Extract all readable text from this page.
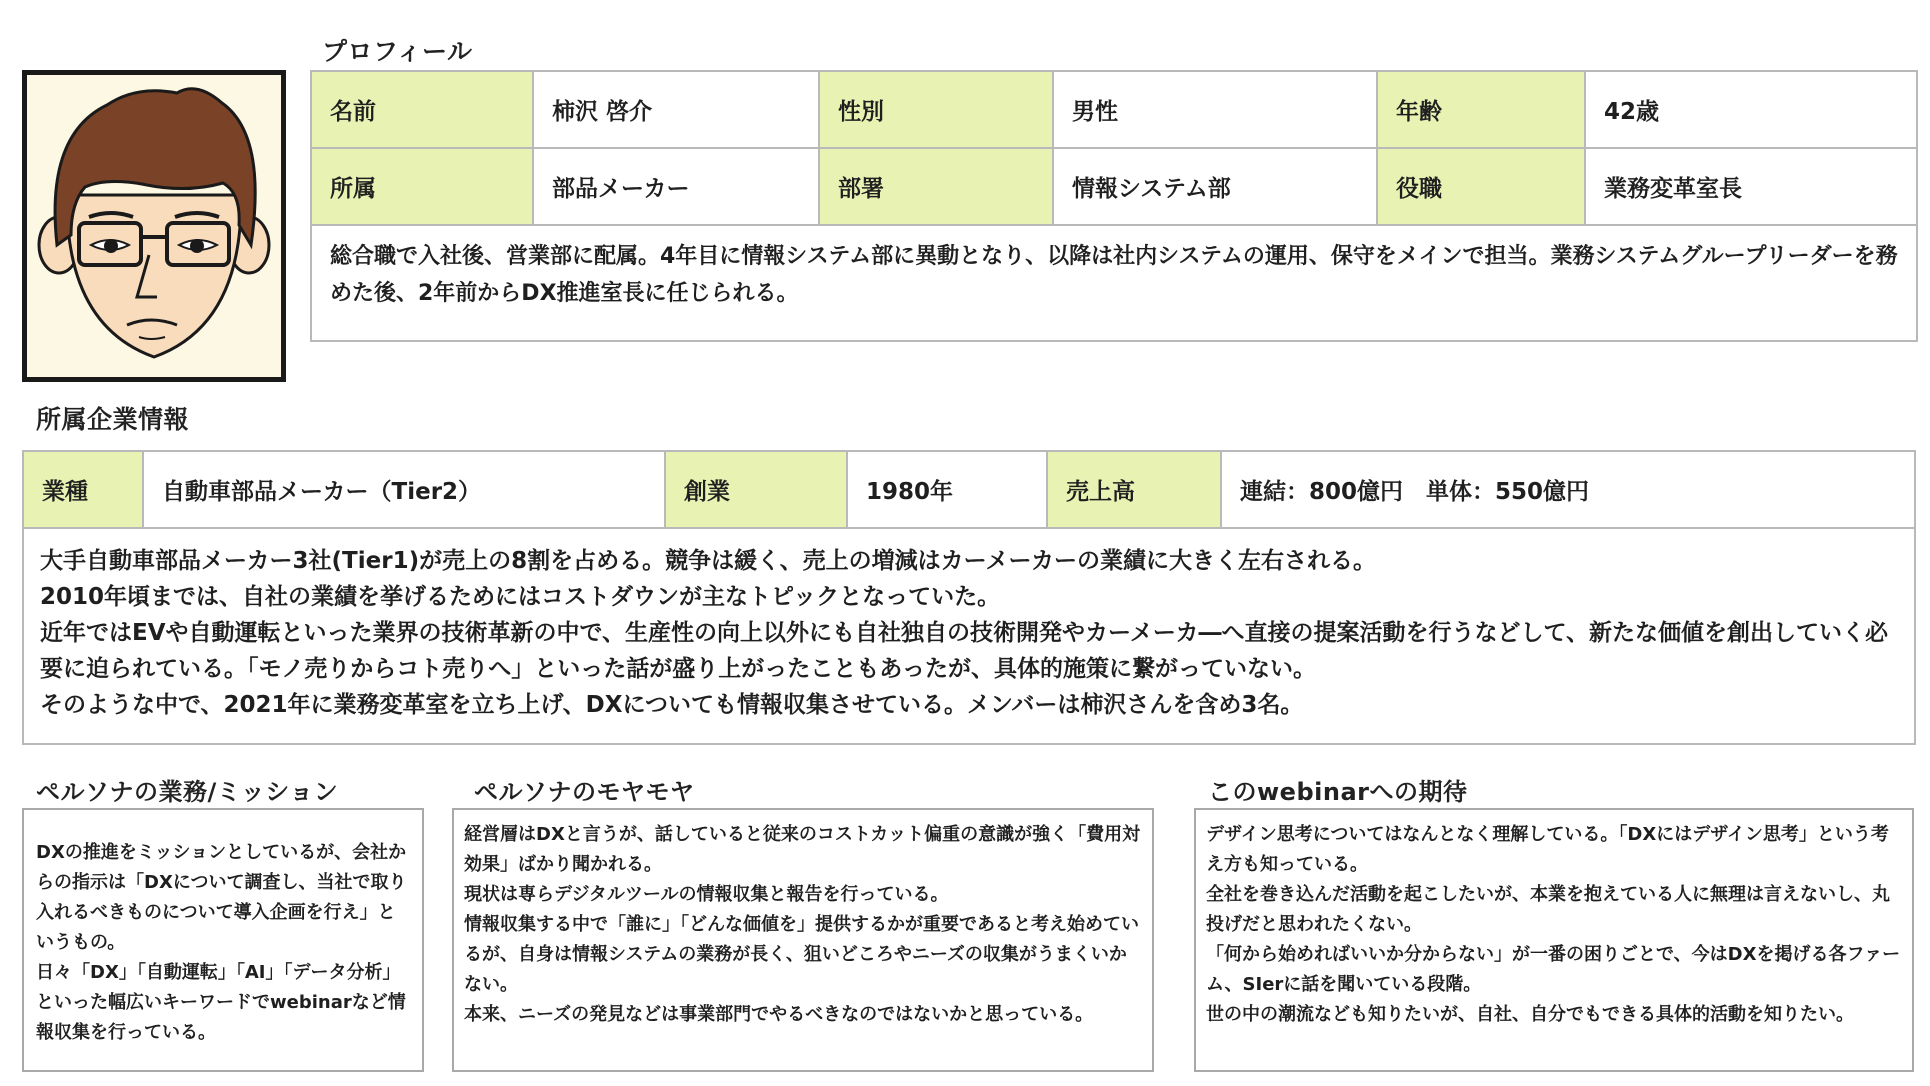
プロフィール
名前	柿沢 啓介	性別	男性	年齢	42歳
所属	部品メーカー	部署	情報システム部	役職	業務変革室長
総合職で入社後、営業部に配属。4年目に情報システム部に異動となり、以降は社内システムの運用、保守をメインで担当。業務システムグループリーダーを務めた後、2年前からDX推進室長に任じられる。					
所属企業情報
業種	自動車部品メーカー（Tier2）	創業	1980年	売上高	連結：800億円　単体：550億円

大手自動車部品メーカー3社(Tier1)が売上の8割を占める。競争は緩く、売上の増減はカーメーカーの業績に大きく左右される。

2010年頃までは、自社の業績を挙げるためにはコストダウンが主なトピックとなっていた。

近年ではEVや自動運転といった業界の技術革新の中で、生産性の向上以外にも自社独自の技術開発やカーメーカ―へ直接の提案活動を行うなどして、新たな価値を創出していく必要に迫られている。「モノ売りからコト売りへ」といった話が盛り上がったこともあったが、具体的施策に繋がっていない。

そのような中で、2021年に業務変革室を立ち上げ、DXについても情報収集させている。メンバーは柿沢さんを含め3名。

ペルソナの業務/ミッション

DXの推進をミッションとしているが、会社からの指示は「DXについて調査し、当社で取り入れるべきものについて導入企画を行え」というもの。

日々「DX」「自動運転」「AI」「データ分析」といった幅広いキーワードでwebinarなど情報収集を行っている。

ペルソナのモヤモヤ

経営層はDXと言うが、話していると従来のコストカット偏重の意識が強く「費用対効果」ばかり聞かれる。

現状は専らデジタルツールの情報収集と報告を行っている。

情報収集する中で「誰に」「どんな価値を」提供するかが重要であると考え始めているが、自身は情報システムの業務が長く、狙いどころやニーズの収集がうまくいかない。

本来、ニーズの発見などは事業部門でやるべきなのではないかと思っている。

このwebinarへの期待

デザイン思考についてはなんとなく理解している。「DXにはデザイン思考」という考え方も知っている。

全社を巻き込んだ活動を起こしたいが、本業を抱えている人に無理は言えないし、丸投げだと思われたくない。

「何から始めればいいか分からない」が一番の困りごとで、今はDXを掲げる各ファーム、SIerに話を聞いている段階。

世の中の潮流なども知りたいが、自社、自分でもできる具体的活動を知りたい。
